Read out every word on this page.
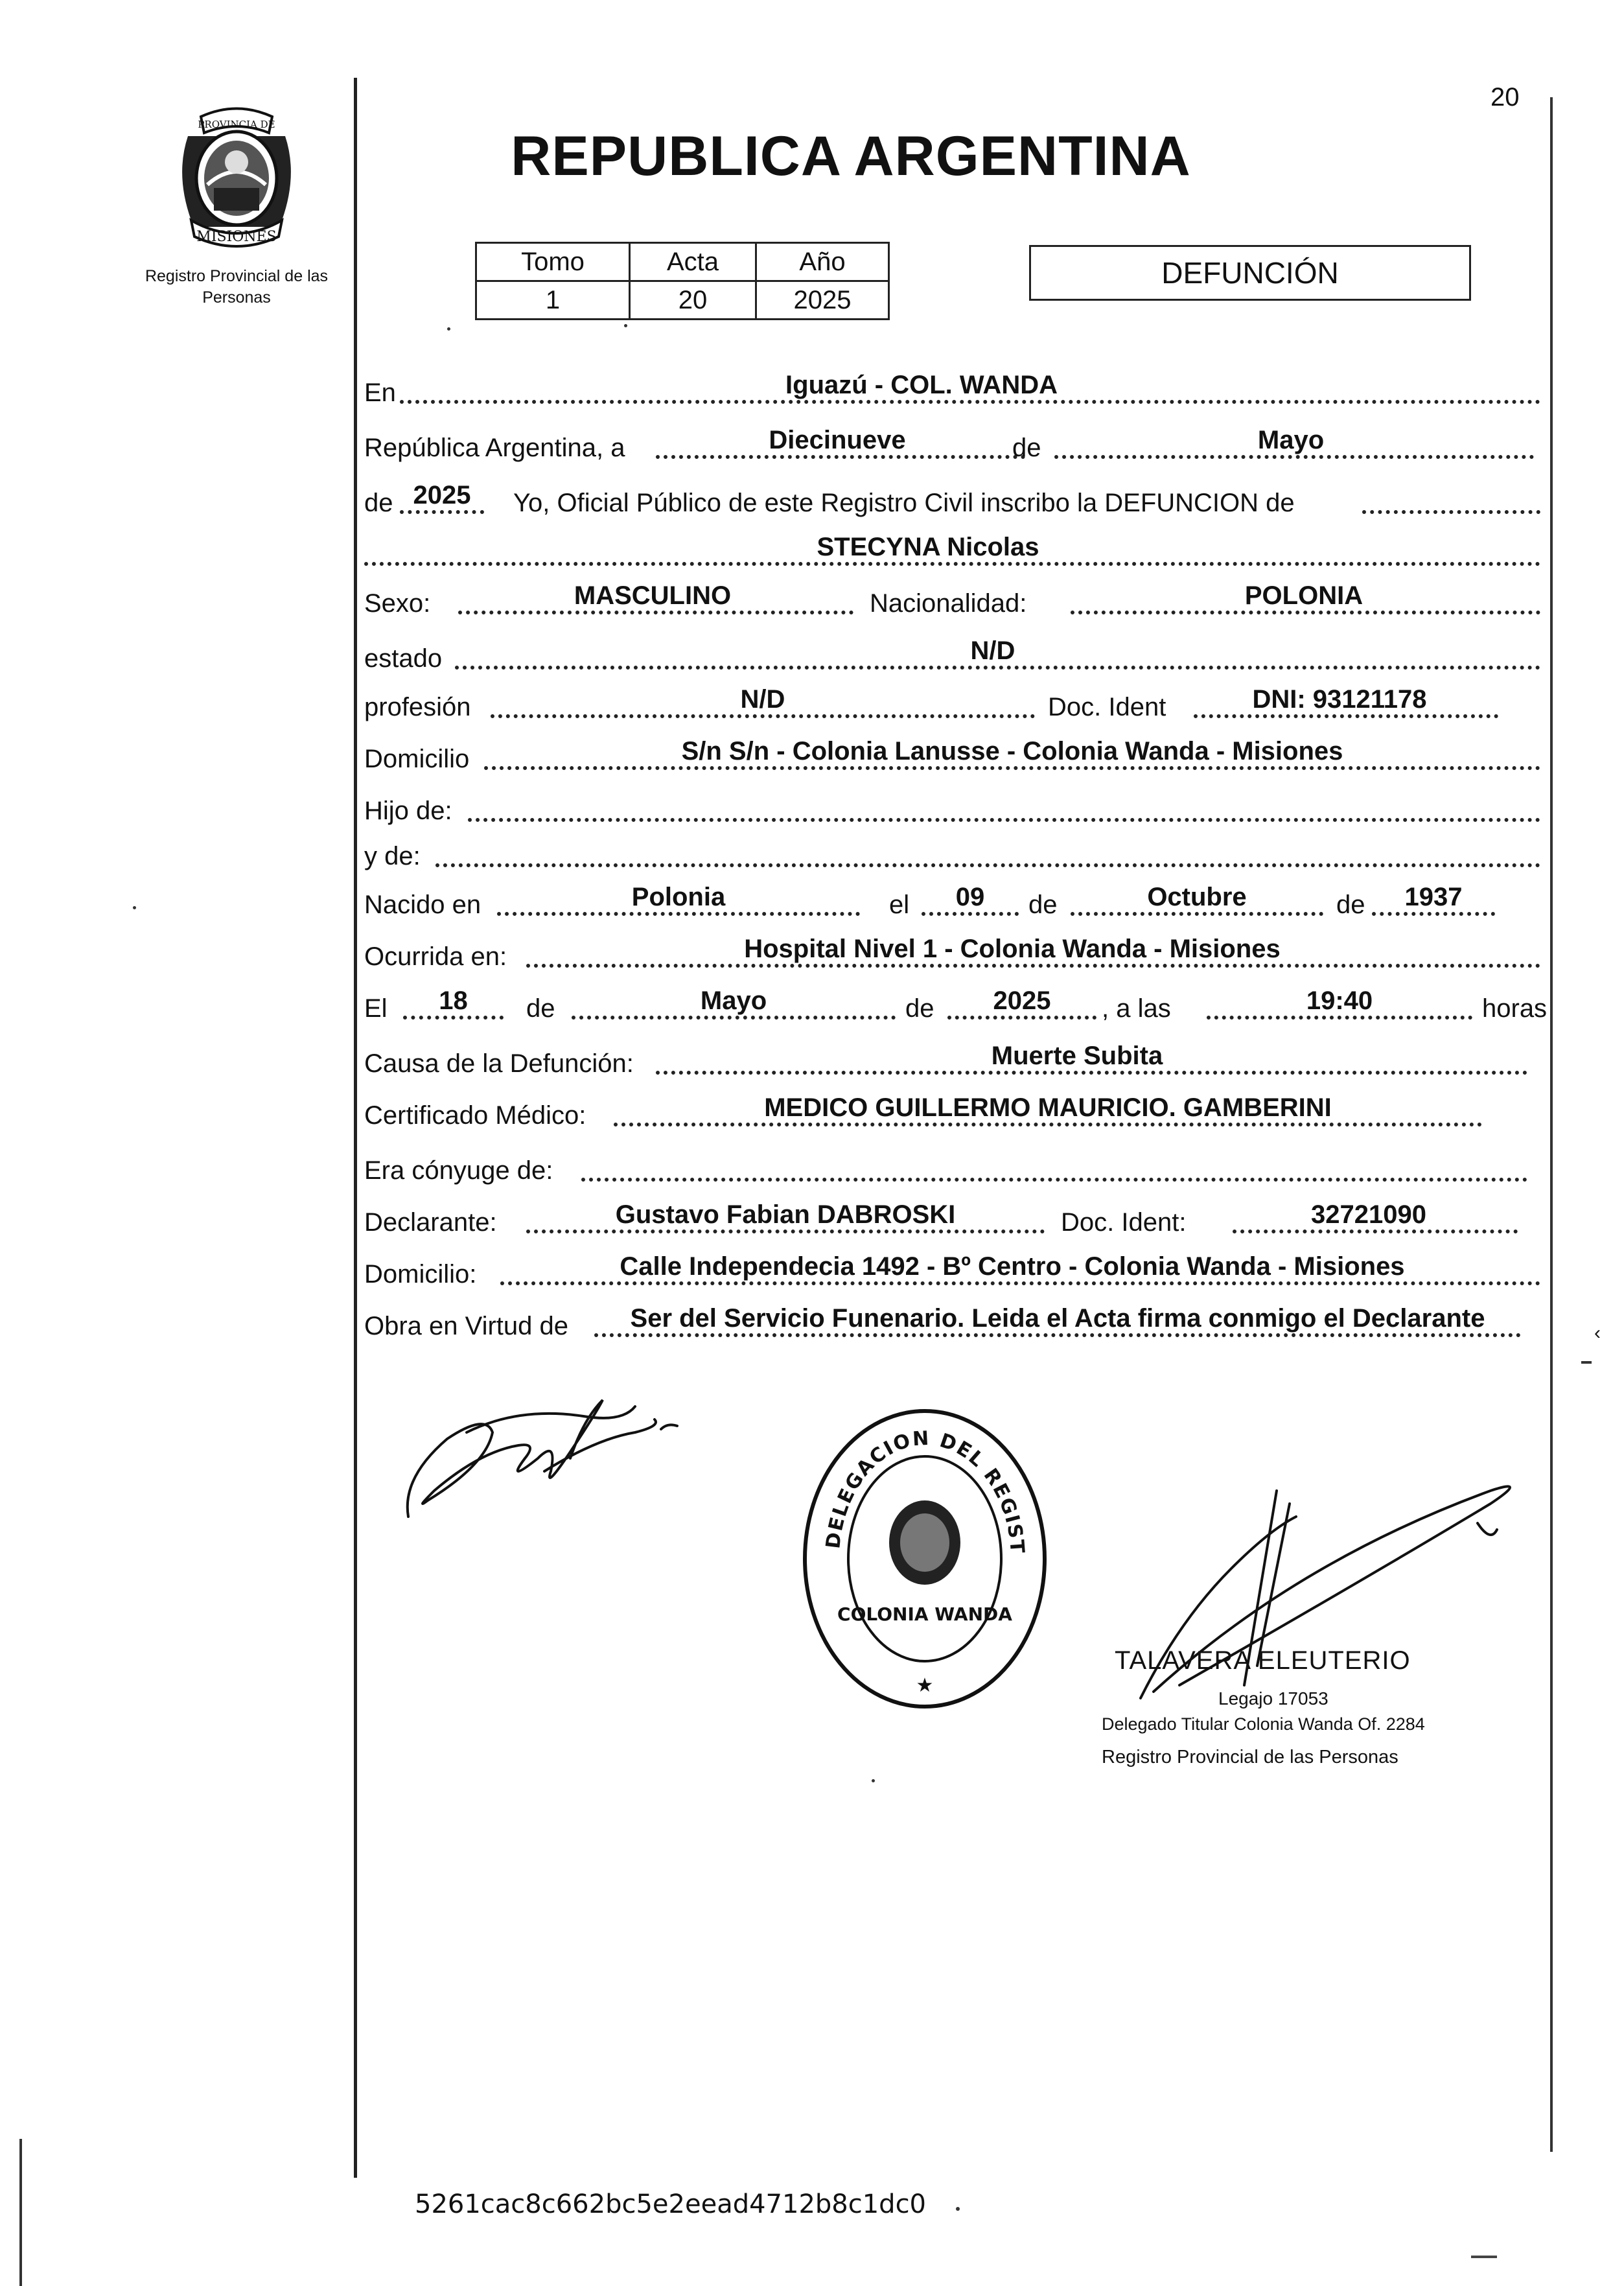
‹
20
PROVINCIA DE
MISIONES
Registro Provincial de las Personas
REPUBLICA ARGENTINA
Tomo	Acta	Año
1	20	2025
DEFUNCIÓN
En	Iguazú - COL. WANDA
República Argentina, a	Diecinueve	de	Mayo
de 2025	Yo, Oficial Público de este Registro Civil inscribo la DEFUNCION de
STECYNA Nicolas
Sexo:	MASCULINO	Nacionalidad:	POLONIA
estado	N/D
profesión	N/D	Doc. Ident	DNI: 93121178
Domicilio	S/n S/n - Colonia Lanusse - Colonia Wanda - Misiones
Hijo de:
y de:
Nacido en	Polonia	el	09	de	Octubre	de	1937
Ocurrida en:	Hospital Nivel 1 - Colonia Wanda - Misiones
El	18	de	Mayo	de	2025	, a las	19:40	horas
Causa de la Defunción:	Muerte Subita
Certificado Médico:	MEDICO GUILLERMO MAURICIO. GAMBERINI
Era cónyuge de:
Declarante:	Gustavo Fabian DABROSKI	Doc. Ident:	32721090
Domicilio:	Calle Independecia 1492 - Bº Centro - Colonia Wanda - Misiones
Obra en Virtud de	Ser del Servicio Funenario. Leida el Acta firma conmigo el Declarante
DELEGACION DEL REGIST
COLONIA WANDA
★
TALAVERA ELEUTERIO
Legajo 17053
Delegado Titular Colonia Wanda Of. 2284
Registro Provincial de las Personas
5261cac8c662bc5e2eead4712b8c1dc0
